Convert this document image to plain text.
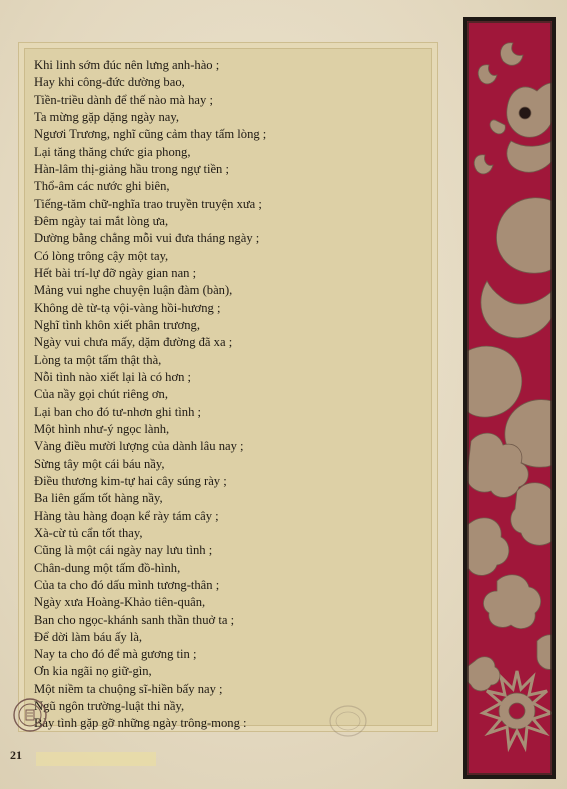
Khi linh sớm đúc nên lưng anh-hào ;
Hay khi công-đức dường bao,
Tiền-triều dành để thế nào mà hay ;
Ta mừng gặp dặng ngày nay,
Ngươi Trương, nghĩ cũng cảm thay tấm lòng ;
Lại tăng thăng chức gia phong,
Hàn-lâm thị-giảng hầu trong ngự tiền ;
Thổ-âm các nước ghi biên,
Tiếng-tăm chữ-nghĩa trao truyền truyện xưa ;
Đêm ngày tai mắt lòng ưa,
Dường bằng chẳng mỗi vui đưa tháng ngày ;
Có lòng trông cậy một tay,
Hết bài trí-lự đỡ ngày gian nan ;
Mảng vui nghe chuyện luận đàm (bàn),
Không dè từ-tạ vội-vàng hồi-hương ;
Nghĩ tình khôn xiết phân trương,
Ngày vui chưa mấy, dặm đường đã xa ;
Lòng ta một tấm thật thà,
Nỗi tình nào xiết lại là có hơn ;
Của nầy gọi chút riêng ơn,
Lại ban cho đó tư-nhơn ghi tình ;
Một hình như-ý ngọc lành,
Vàng điều mười lượng của dành lâu nay ;
Sừng tây một cái báu nầy,
Điều thương kim-tự hai cây súng rày ;
Ba liên gấm tốt hàng nầy,
Hàng tàu hàng đoạn kể rày tám cây ;
Xà-cừ tủ cẩn tốt thay,
Cũng là một cái ngày nay lưu tình ;
Chân-dung một tấm đồ-hình,
Của ta cho đó dấu mình tương-thân ;
Ngày xưa Hoàng-Khảo tiên-quân,
Ban cho ngọc-khánh sanh thần thuở ta ;
Để dời làm báu ấy là,
Nay ta cho đó để mà gương tin ;
Ơn kia ngãi nọ giữ-gìn,
Một niềm ta chuộng sĩ-hiền bấy nay ;
Ngũ ngôn trường-luật thi nầy,
Bày tình gặp gỡ những ngày trông-mong :
21
